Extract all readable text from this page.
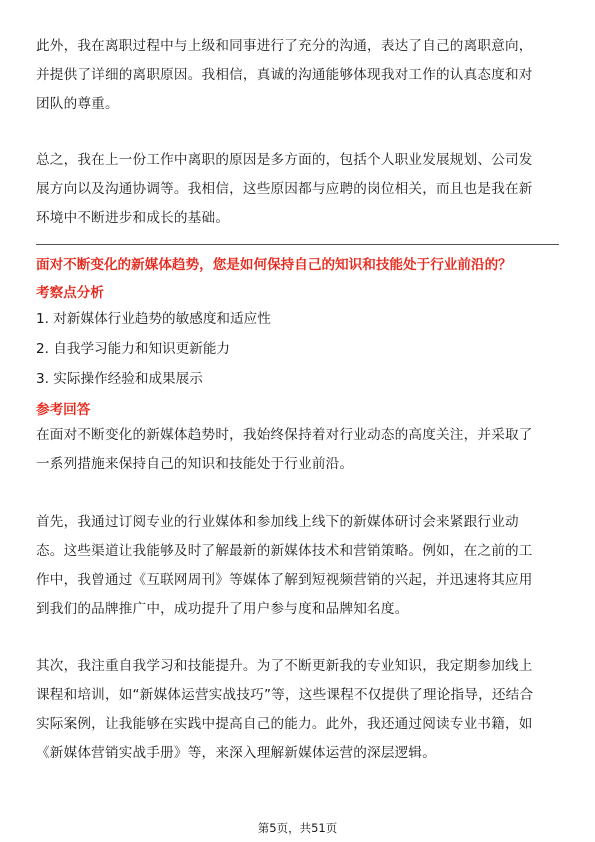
此外，我在离职过程中与上级和同事进行了充分的沟通，表达了自己的离职意向，
并提供了详细的离职原因。我相信，真诚的沟通能够体现我对工作的认真态度和对
团队的尊重。
总之，我在上一份工作中离职的原因是多方面的，包括个人职业发展规划、公司发
展方向以及沟通协调等。我相信，这些原因都与应聘的岗位相关，而且也是我在新
环境中不断进步和成长的基础。
面对不断变化的新媒体趋势，您是如何保持自己的知识和技能处于行业前沿的？
考察点分析
1. 对新媒体行业趋势的敏感度和适应性
2. 自我学习能力和知识更新能力
3. 实际操作经验和成果展示
参考回答
在面对不断变化的新媒体趋势时，我始终保持着对行业动态的高度关注，并采取了
一系列措施来保持自己的知识和技能处于行业前沿。
首先，我通过订阅专业的行业媒体和参加线上线下的新媒体研讨会来紧跟行业动
态。这些渠道让我能够及时了解最新的新媒体技术和营销策略。例如，在之前的工
作中，我曾通过《互联网周刊》等媒体了解到短视频营销的兴起，并迅速将其应用
到我们的品牌推广中，成功提升了用户参与度和品牌知名度。
其次，我注重自我学习和技能提升。为了不断更新我的专业知识，我定期参加线上
课程和培训，如“新媒体运营实战技巧”等，这些课程不仅提供了理论指导，还结合
实际案例，让我能够在实践中提高自己的能力。此外，我还通过阅读专业书籍，如
《新媒体营销实战手册》等，来深入理解新媒体运营的深层逻辑。
第5页，共51页
